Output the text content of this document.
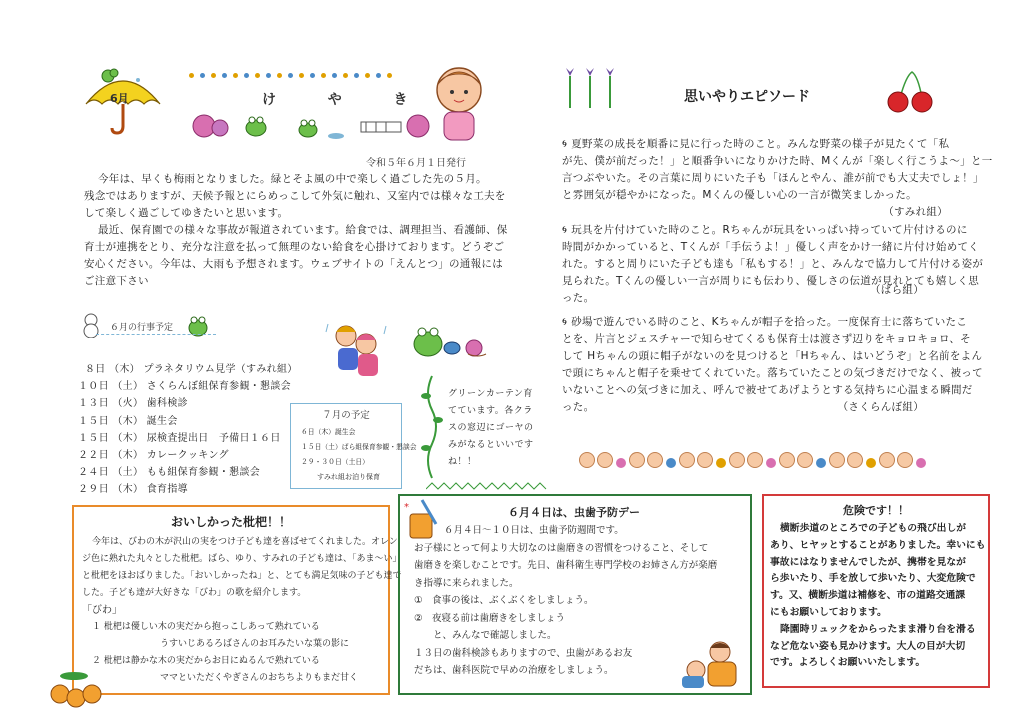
6月	け	や	き
令和５年６月１日発行
今年は、早くも梅雨となりました。緑とそよ風の中で楽しく過ごした先の５月。
残念ではありますが、天候予報とにらめっこして外気に触れ、又室内では様々な工夫を
して楽しく過ごしてゆきたいと思います。
最近、保育園での様々な事故が報道されています。給食では、調理担当、看護師、保
育士が連携をとり、充分な注意を払って無理のない給食を心掛けております。どうぞご
安心ください。今年は、大雨も予想されます。ウェブサイトの「えんとつ」の通報には
ご注意下さい
６月の行事予定
８日 （木） プラネタリウム見学（すみれ組）
１０日 （土） さくらんぼ組保育参観・懇談会
１３日 （火） 歯科検診
１５日 （木） 誕生会
１５日 （木） 尿検査提出日　予備日１６日
２２日 （木） カレークッキング
２４日 （土） もも組保育参観・懇談会
２９日 （木） 食育指導
７月の予定
６日（木）誕生会
１５日（土）ばら組保育参観・懇談会
２９・３０日（土日）
すみれ組お泊り保育
グリーンカーテン育
てています。各クラ
スの窓辺にゴーヤの
みがなるといいです
ね！！
思いやりエピソード
🌀︎ 夏野菜の成長を順番に見に行った時のこと。みんな野菜の様子が見たくて「私
が先、僕が前だった！」と順番争いになりかけた時、Mくんが「楽しく行こうよ～」と一
言つぶやいた。その言葉に周りにいた子も「ほんとやん、誰が前でも大丈夫でしょ！」
と雰囲気が穏やかになった。Mくんの優しい心の一言が微笑ましかった。
（すみれ組）
🌀︎ 玩具を片付けていた時のこと。Rちゃんが玩具をいっぱい持っていて片付けるのに
時間がかかっていると、Tくんが「手伝うよ！」優しく声をかけ一緒に片付け始めてく
れた。すると周りにいた子ども達も「私もする！」と、みんなで協力して片付ける姿が
見られた。Tくんの優しい一言が周りにも伝わり、優しさの伝道が見れとても嬉しく思
った。
（ばら組）
🌀︎ 砂場で遊んでいる時のこと、Kちゃんが帽子を拾った。一度保育士に落ちていたこ
とを、片言とジェスチャーで知らせてくるも保育士は渡さず辺りをキョロキョロ、そ
して Hちゃんの頭に帽子がないのを見つけると「Hちゃん、はいどうぞ」と名前をよん
で頭にちゃんと帽子を乗せてくれていた。落ちていたことの気づきだけでなく、被って
いないことへの気づきに加え、呼んで被せてあげようとする気持ちに心温まる瞬間だ
った。	（さくらんぼ組）
おいしかった枇杷！！
今年は、びわの木が沢山の実をつけ子ども達を喜ばせてくれました。オレン
ジ色に熟れた丸々とした枇杷。ばら、ゆり、すみれの子ども達は、「あま～い」
と枇杷をほおばりました。「おいしかったね」と、とても満足気味の子ども達で
した。子ども達が大好きな「びわ」の歌を紹介します。
「びわ」
１ 枇杷は優しい木の実だから抱っこしあって熟れている
うすいじあるろばさんのお耳みたいな葉の影に
２ 枇杷は静かな木の実だからお日にぬるんで熟れている
ママといただくやぎさんのおちちよりもまだ甘く
６月４日は、虫歯予防デー
６月４日～１０日は、虫歯予防週間です。
お子様にとって何より大切なのは歯磨きの習慣をつけること、そして
歯磨きを楽しむことです。先日、歯科衛生専門学校のお姉さん方が楽磨
き指導に来られました。
①　食事の後は、ぶくぶくをしましょう。
②　夜寝る前は歯磨きをしましょう
　　と、みんなで確認しました。
１３日の歯科検診もありますので、虫歯があるお友
だちは、歯科医院で早めの治療をしましょう。
*	危険です！！
横断歩道のところでの子どもの飛び出しが
あり、ヒヤッとすることがありました。幸いにも
事故にはなりませんでしたが、携帯を見なが
ら歩いたり、手を放して歩いたり、大変危険で
す。又、横断歩道は補修を、市の道路交通課
にもお願いしております。
降園時リュックをからったまま滑り台を滑る
など危ない姿も見かけます。大人の目が大切
です。よろしくお願いいたします。
